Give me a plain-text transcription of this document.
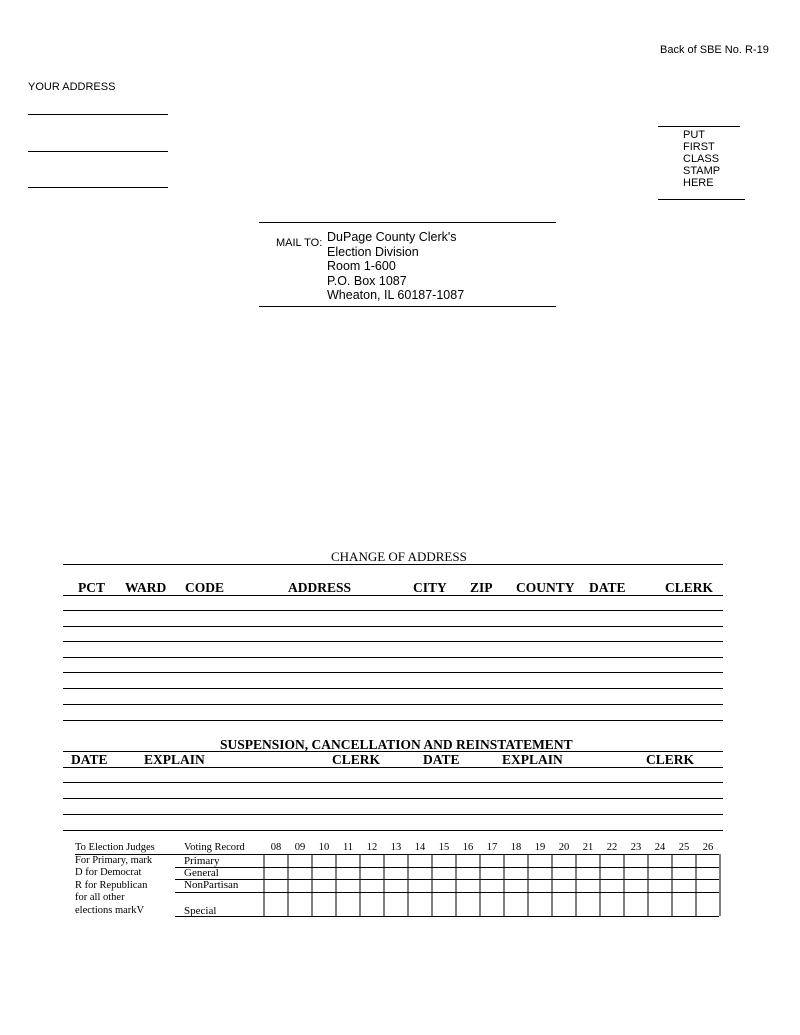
Back of SBE No. R-19
YOUR ADDRESS
PUT
FIRST
CLASS
STAMP
HERE
MAIL TO: DuPage County Clerk's
Election Division
Room 1-600
P.O. Box 1087
Wheaton, IL 60187-1087
CHANGE OF ADDRESS
PCT WARD CODE	ADDRESS	CITY ZIP COUNTY DATE	CLERK
SUSPENSION, CANCELLATION AND REINSTATEMENT
DATE	EXPLAIN	CLERK	DATE	EXPLAIN	CLERK
To Election Judges
For Primary, mark
D for Democrat
R for Republican
for all other
elections markV
Voting Record
Primary
General
NonPartisan
Special
08 09 10 11 12 13 14 15 16 17 18 19 20 21 22 23 24 25 26
